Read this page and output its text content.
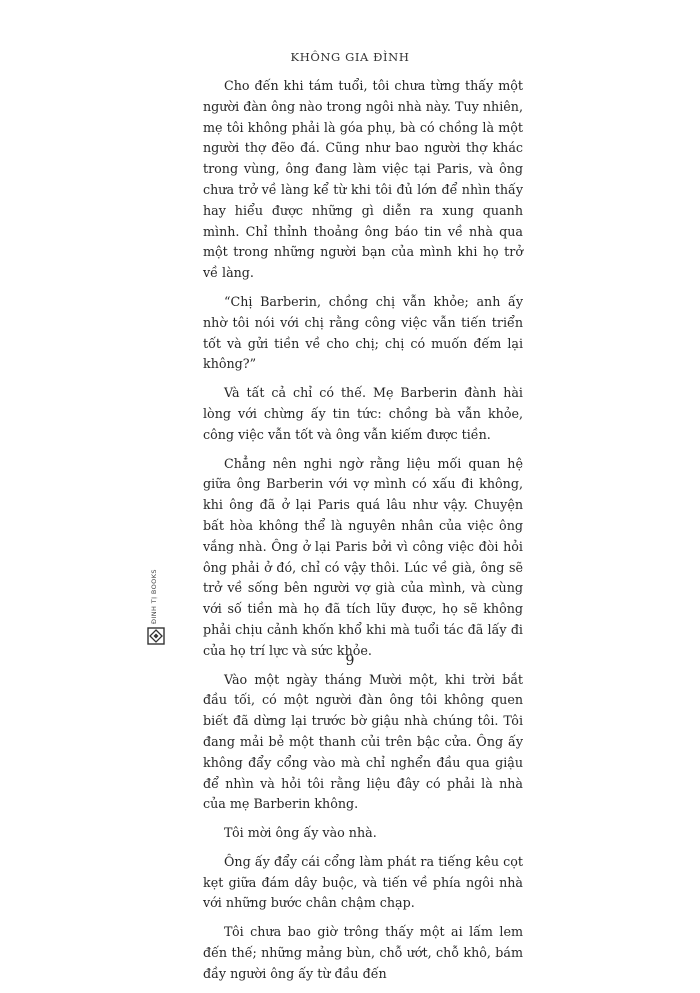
KHÔNG GIA ĐÌNH

Cho đến khi tám tuổi, tôi chưa từng thấy một người đàn ông nào trong ngôi nhà này. Tuy nhiên, mẹ tôi không phải là góa phụ, bà có chồng là một người thợ đẽo đá. Cũng như bao người thợ khác trong vùng, ông đang làm việc tại Paris, và ông chưa trở về làng kể từ khi tôi đủ lớn để nhìn thấy hay hiểu được những gì diễn ra xung quanh mình. Chỉ thỉnh thoảng ông báo tin về nhà qua một trong những người bạn của mình khi họ trở về làng.

“Chị Barberin, chồng chị vẫn khỏe; anh ấy nhờ tôi nói với chị rằng công việc vẫn tiến triển tốt và gửi tiền về cho chị; chị có muốn đếm lại không?”

Và tất cả chỉ có thế. Mẹ Barberin đành hài lòng với chừng ấy tin tức: chồng bà vẫn khỏe, công việc vẫn tốt và ông vẫn kiếm được tiền.

Chẳng nên nghi ngờ rằng liệu mối quan hệ giữa ông Barberin với vợ mình có xấu đi không, khi ông đã ở lại Paris quá lâu như vậy. Chuyện bất hòa không thể là nguyên nhân của việc ông vắng nhà. Ông ở lại Paris bởi vì công việc đòi hỏi ông phải ở đó, chỉ có vậy thôi. Lúc về già, ông sẽ trở về sống bên người vợ già của mình, và cùng với số tiền mà họ đã tích lũy được, họ sẽ không phải chịu cảnh khốn khổ khi mà tuổi tác đã lấy đi của họ trí lực và sức khỏe.

Vào một ngày tháng Mười một, khi trời bắt đầu tối, có một người đàn ông tôi không quen biết đã dừng lại trước bờ giậu nhà chúng tôi. Tôi đang mải bẻ một thanh củi trên bậc cửa. Ông ấy không đẩy cổng vào mà chỉ nghển đầu qua giậu để nhìn và hỏi tôi rằng liệu đây có phải là nhà của mẹ Barberin không.

Tôi mời ông ấy vào nhà.

Ông ấy đẩy cái cổng làm phát ra tiếng kêu cọt kẹt giữa đám dây buộc, và tiến về phía ngôi nhà với những bước chân chậm chạp.

Tôi chưa bao giờ trông thấy một ai lấm lem đến thế; những mảng bùn, chỗ ướt, chỗ khô, bám đầy người ông ấy từ đầu đến

ĐINH TỊ BOOKS
9
